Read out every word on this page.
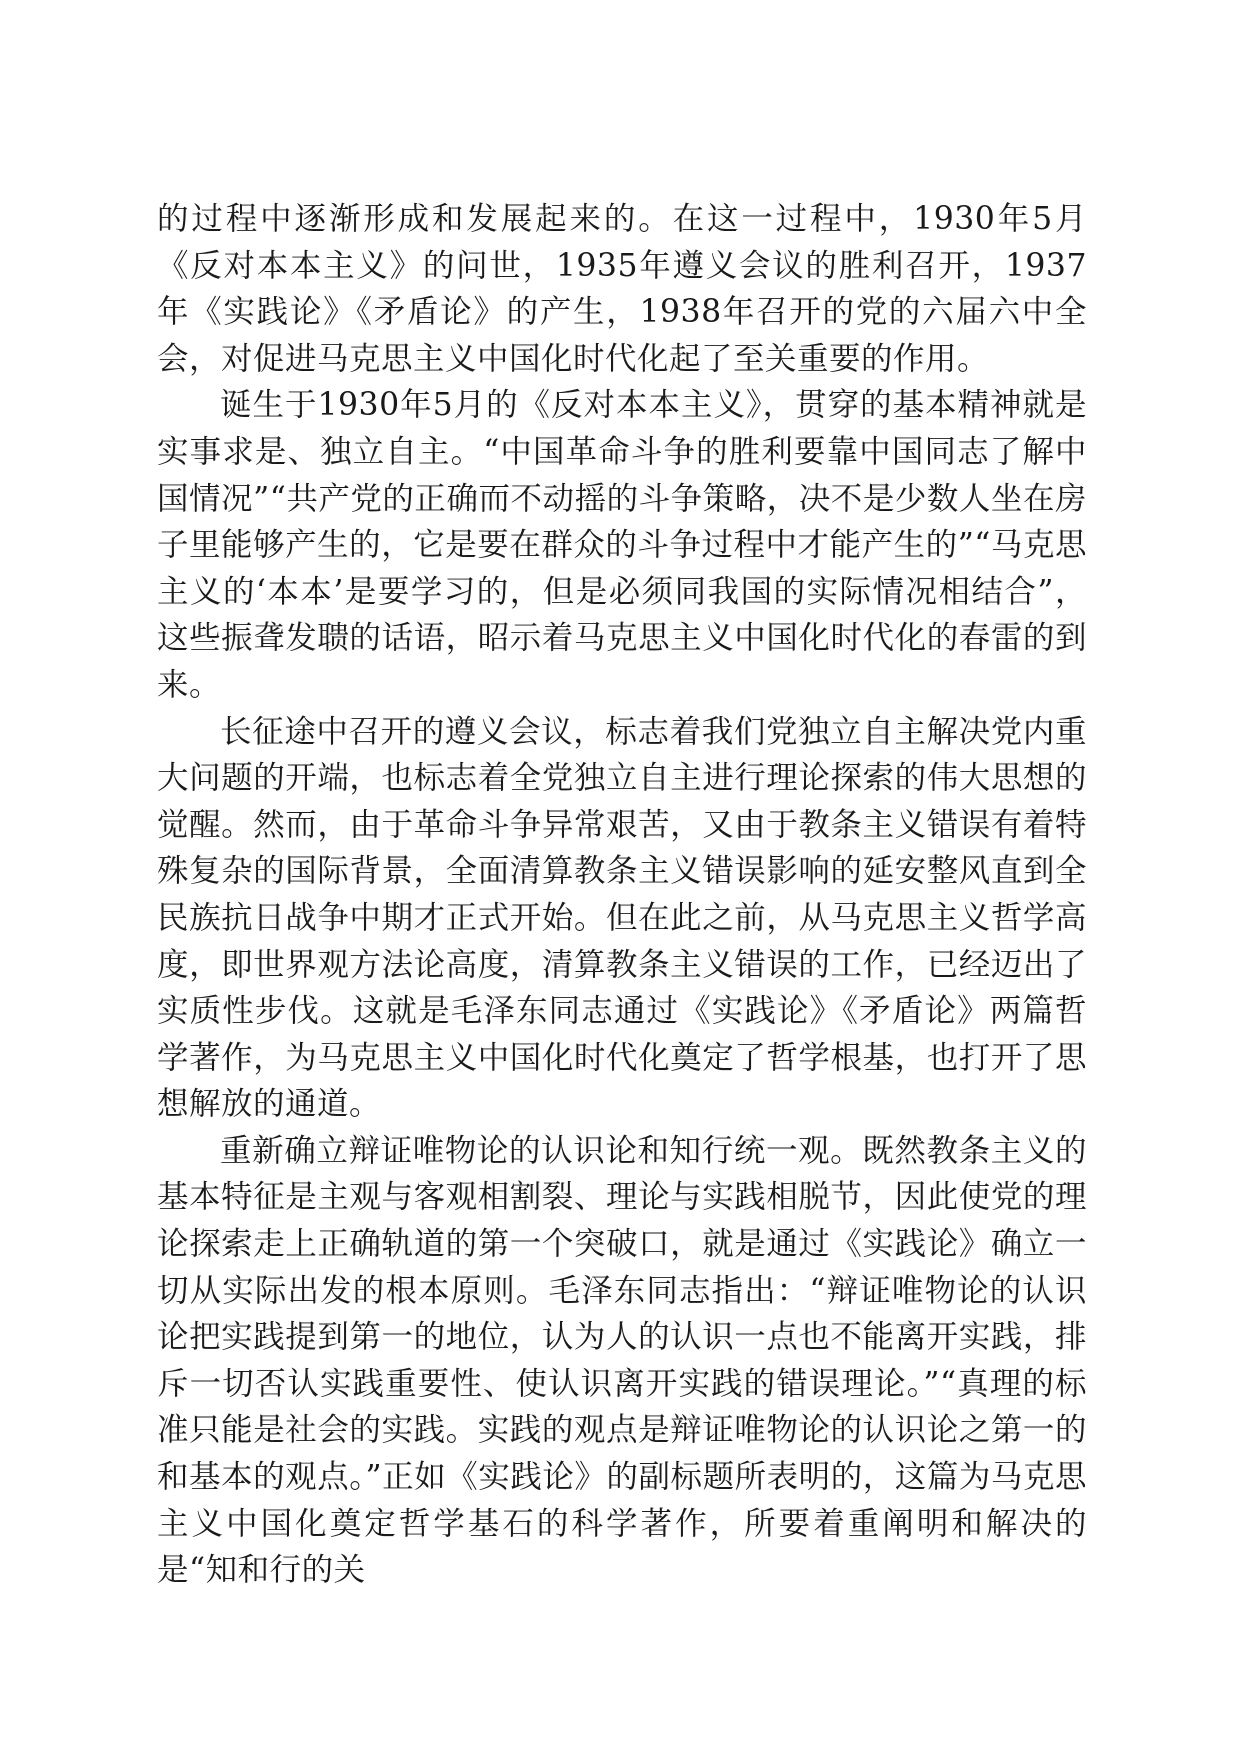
的过程中逐渐形成和发展起来的。在这一过程中，1930年5月《反对本本主义》的问世，1935年遵义会议的胜利召开，1937年《实践论》《矛盾论》的产生，1938年召开的党的六届六中全会，对促进马克思主义中国化时代化起了至关重要的作用。

诞生于1930年5月的《反对本本主义》，贯穿的基本精神就是实事求是、独立自主。“中国革命斗争的胜利要靠中国同志了解中国情况”“共产党的正确而不动摇的斗争策略，决不是少数人坐在房子里能够产生的，它是要在群众的斗争过程中才能产生的”“马克思主义的‘本本’是要学习的，但是必须同我国的实际情况相结合”，这些振聋发聩的话语，昭示着马克思主义中国化时代化的春雷的到来。

长征途中召开的遵义会议，标志着我们党独立自主解决党内重大问题的开端，也标志着全党独立自主进行理论探索的伟大思想的觉醒。然而，由于革命斗争异常艰苦，又由于教条主义错误有着特殊复杂的国际背景，全面清算教条主义错误影响的延安整风直到全民族抗日战争中期才正式开始。但在此之前，从马克思主义哲学高度，即世界观方法论高度，清算教条主义错误的工作，已经迈出了实质性步伐。这就是毛泽东同志通过《实践论》《矛盾论》两篇哲学著作，为马克思主义中国化时代化奠定了哲学根基，也打开了思想解放的通道。

重新确立辩证唯物论的认识论和知行统一观。既然教条主义的基本特征是主观与客观相割裂、理论与实践相脱节，因此使党的理论探索走上正确轨道的第一个突破口，就是通过《实践论》确立一切从实际出发的根本原则。毛泽东同志指出：“辩证唯物论的认识论把实践提到第一的地位，认为人的认识一点也不能离开实践，排斥一切否认实践重要性、使认识离开实践的错误理论。”“真理的标准只能是社会的实践。实践的观点是辩证唯物论的认识论之第一的和基本的观点。”正如《实践论》的副标题所表明的，这篇为马克思主义中国化奠定哲学基石的科学著作，所要着重阐明和解决的是“知和行的关
